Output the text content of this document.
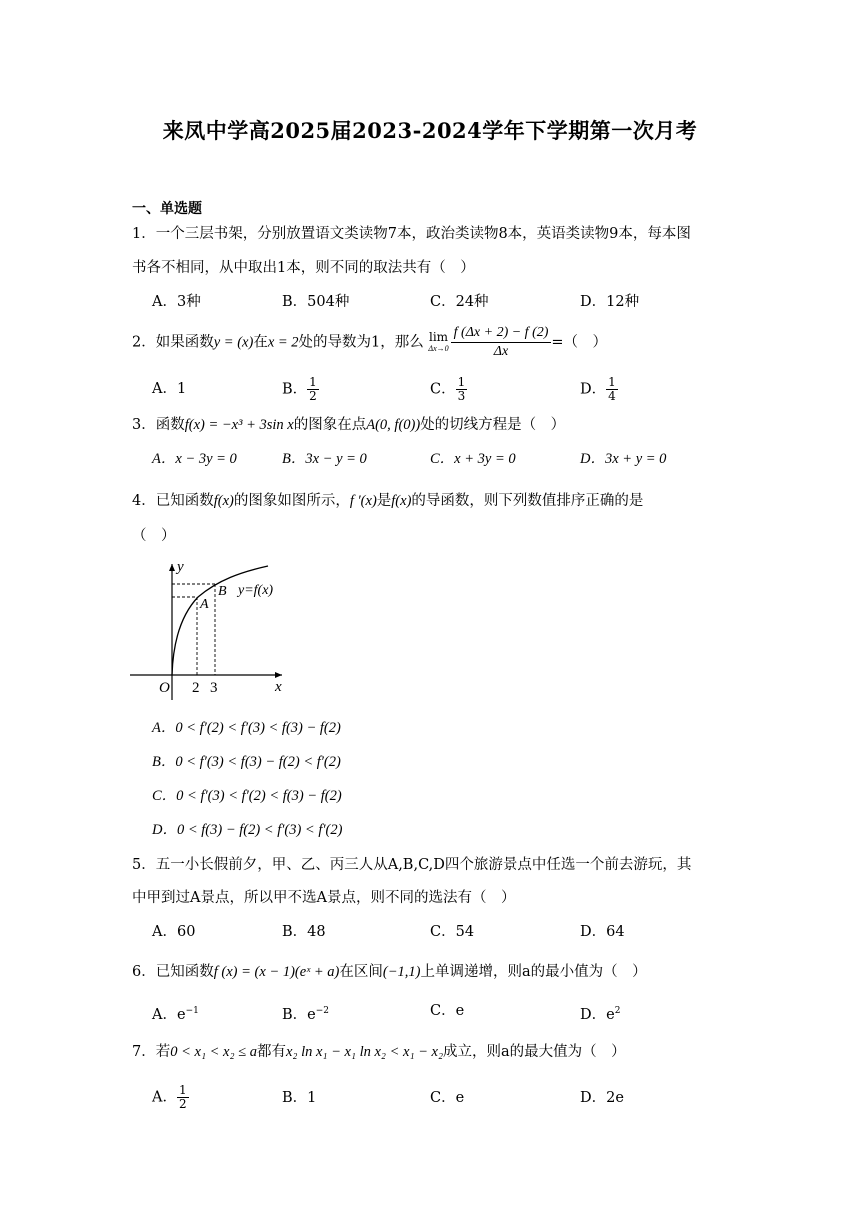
来凤中学高2025届2023-2024学年下学期第一次月考
一、单选题
1．一个三层书架，分别放置语文类读物7本，政治类读物8本，英语类读物9本，每本图
书各不相同，从中取出1本，则不同的取法共有（　）
A．3种	B．504种	C．24种	D．12种
2．如果函数y = (x)在x = 2处的导数为1，那么 lim
$\Delta x\to 0 \frac{f (\Delta x + 2) - f (2)}{\Delta x}$ =（　）
A．1	B． $\frac{1}{2}$	C． $\frac{1}{3}$	D． $\frac{1}{4}$
3．函数f(x) = −x³ + 3sin x的图象在点A(0, f(0))处的切线方程是（　）
A．x − 3y = 0	B．3x − y = 0	C．x + 3y = 0	D．3x + y = 0
4．已知函数f(x)的图象如图所示，f ′(x)是f(x)的导函数，则下列数值排序正确的是
（　）
y
x
O 2 3
A
B y=f(x)
A．0 < f′(2) < f′(3) < f(3) − f(2)
B．0 < f′(3) < f(3) − f(2) < f′(2)
C．0 < f′(3) < f′(2) < f(3) − f(2)
D．0 < f(3) − f(2) < f′(3) < f′(2)
5．五一小长假前夕，甲、乙、丙三人从A,B,C,D四个旅游景点中任选一个前去游玩，其
中甲到过A景点，所以甲不选A景点，则不同的选法有（　）
A．60	B．48	C．54	D．64
6．已知函数f (x) = (x − 1)(eˣ + a)在区间(−1,1)上单调递增，则a的最小值为（　）
A．$e^{-1}$	B．$e^{-2}$	C．e	D．$e^2$
7．若0 < x₁ < x₂ ≤ a都有x₂ ln x₁ − x₁ ln x₂ < x₁ − x₂成立，则a的最大值为（　）
A． $\frac{1}{2}$	B．1	C．e	D．2e
